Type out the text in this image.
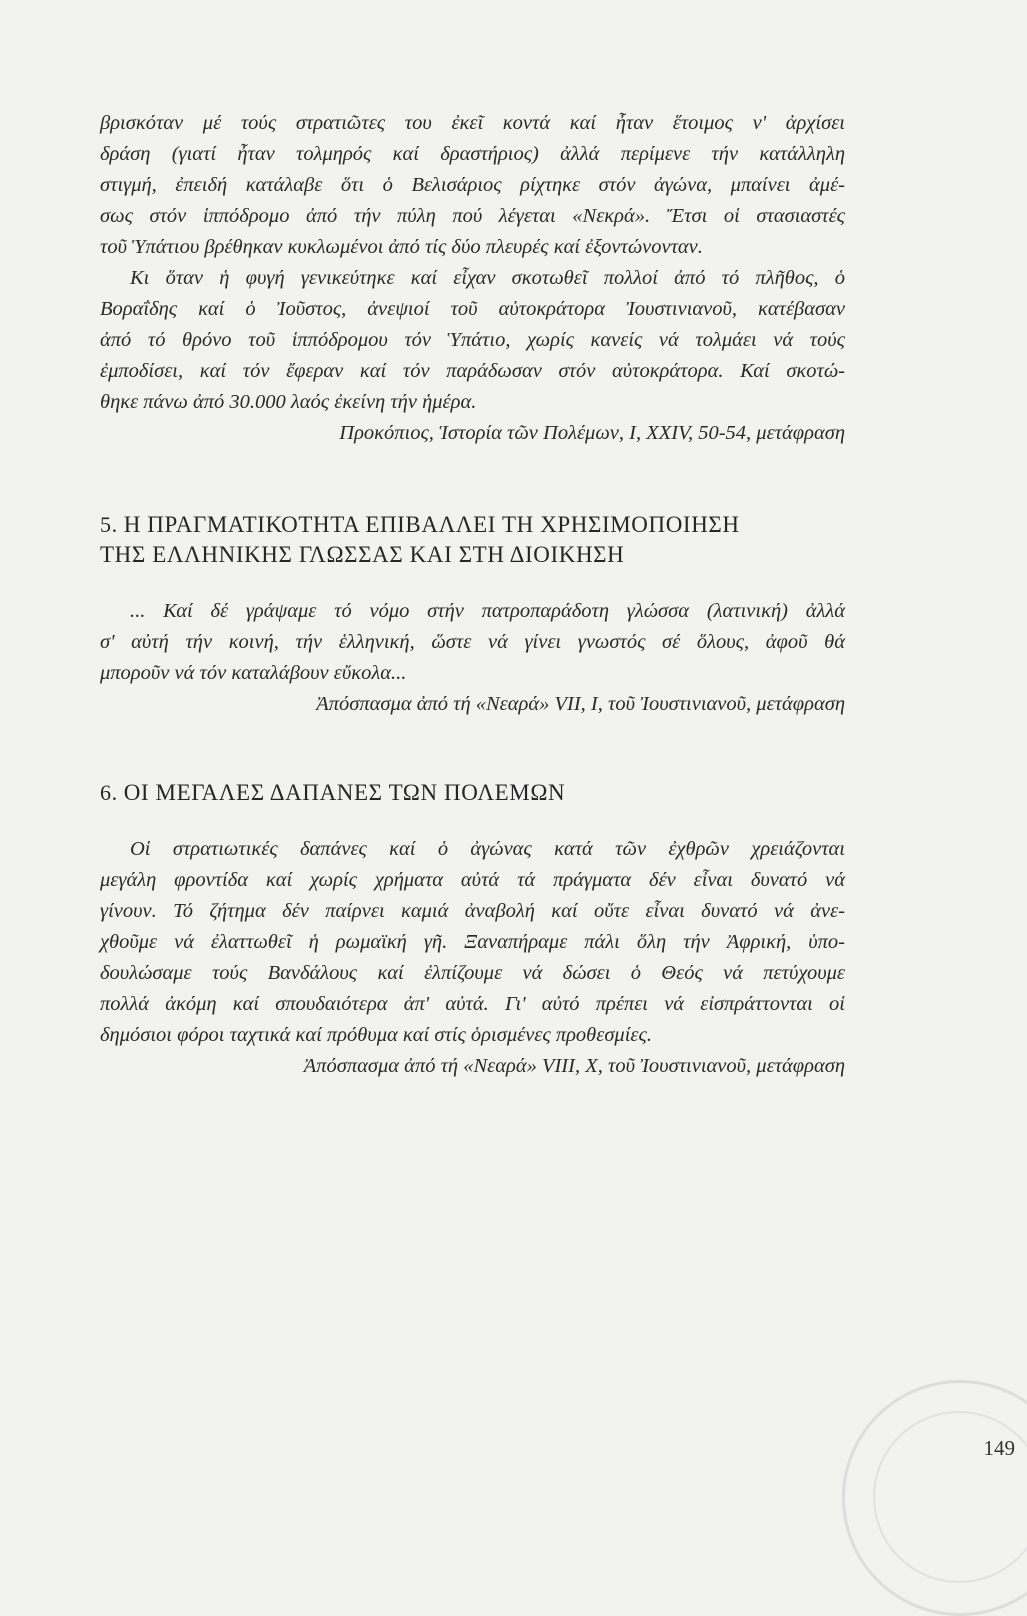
βρισκόταν μέ τούς στρατιῶτες του ἐκεῖ κοντά καί ἦταν ἕτοιμος ν' ἀρχίσει
δράση (γιατί ἦταν τολμηρός καί δραστήριος) ἀλλά περίμενε τήν κατάλληλη
στιγμή, ἐπειδή κατάλαβε ὅτι ὁ Βελισάριος ρίχτηκε στόν ἀγώνα, μπαίνει ἀμέ-
σως στόν ἱππόδρομο ἀπό τήν πύλη πού λέγεται «Νεκρά». Ἔτσι οἱ στασιαστές
τοῦ Ὑπάτιου βρέθηκαν κυκλωμένοι ἀπό τίς δύο πλευρές καί ἐξοντώνονταν.
Κι ὅταν ἡ φυγή γενικεύτηκε καί εἶχαν σκοτωθεῖ πολλοί ἀπό τό πλῆθος, ὁ
Βοραΐδης καί ὁ Ἰοῦστος, ἀνεψιοί τοῦ αὐτοκράτορα Ἰουστινιανοῦ, κατέβασαν
ἀπό τό θρόνο τοῦ ἱππόδρομου τόν Ὑπάτιο, χωρίς κανείς νά τολμάει νά τούς
ἐμποδίσει, καί τόν ἔφεραν καί τόν παράδωσαν στόν αὐτοκράτορα. Καί σκοτώ-
θηκε πάνω ἀπό 30.000 λαός ἐκείνη τήν ἡμέρα.
Προκόπιος, Ἱστορία τῶν Πολέμων, Ι, XXIV, 50-54, μετάφραση
5. Η ΠΡΑΓΜΑΤΙΚΟΤΗΤΑ ΕΠΙΒΑΛΛΕΙ ΤΗ ΧΡΗΣΙΜΟΠΟΙΗΣΗ
ΤΗΣ ΕΛΛΗΝΙΚΗΣ ΓΛΩΣΣΑΣ ΚΑΙ ΣΤΗ ΔΙΟΙΚΗΣΗ
... Καί δέ γράψαμε τό νόμο στήν πατροπαράδοτη γλώσσα (λατινική) ἀλλά
σ' αὐτή τήν κοινή, τήν ἑλληνική, ὥστε νά γίνει γνωστός σέ ὅλους, ἀφοῦ θά
μποροῦν νά τόν καταλάβουν εὔκολα...
Ἀπόσπασμα ἀπό τή «Νεαρά» VII, Ι, τοῦ Ἰουστινιανοῦ, μετάφραση
6. ΟΙ ΜΕΓΑΛΕΣ ΔΑΠΑΝΕΣ ΤΩΝ ΠΟΛΕΜΩΝ
Οἱ στρατιωτικές δαπάνες καί ὁ ἀγώνας κατά τῶν ἐχθρῶν χρειάζονται
μεγάλη φροντίδα καί χωρίς χρήματα αὐτά τά πράγματα δέν εἶναι δυνατό νά
γίνουν. Τό ζήτημα δέν παίρνει καμιά ἀναβολή καί οὔτε εἶναι δυνατό νά ἀνε-
χθοῦμε νά ἐλαττωθεῖ ἡ ρωμαϊκή γῆ. Ξαναπήραμε πάλι ὅλη τήν Ἀφρική, ὑπο-
δουλώσαμε τούς Βανδάλους καί ἐλπίζουμε νά δώσει ὁ Θεός νά πετύχουμε
πολλά ἀκόμη καί σπουδαιότερα ἀπ' αὐτά. Γι' αὐτό πρέπει νά εἰσπράττονται οἱ
δημόσιοι φόροι ταχτικά καί πρόθυμα καί στίς ὁρισμένες προθεσμίες.
Ἀπόσπασμα ἀπό τή «Νεαρά» VIII, X, τοῦ Ἰουστινιανοῦ, μετάφραση
149
